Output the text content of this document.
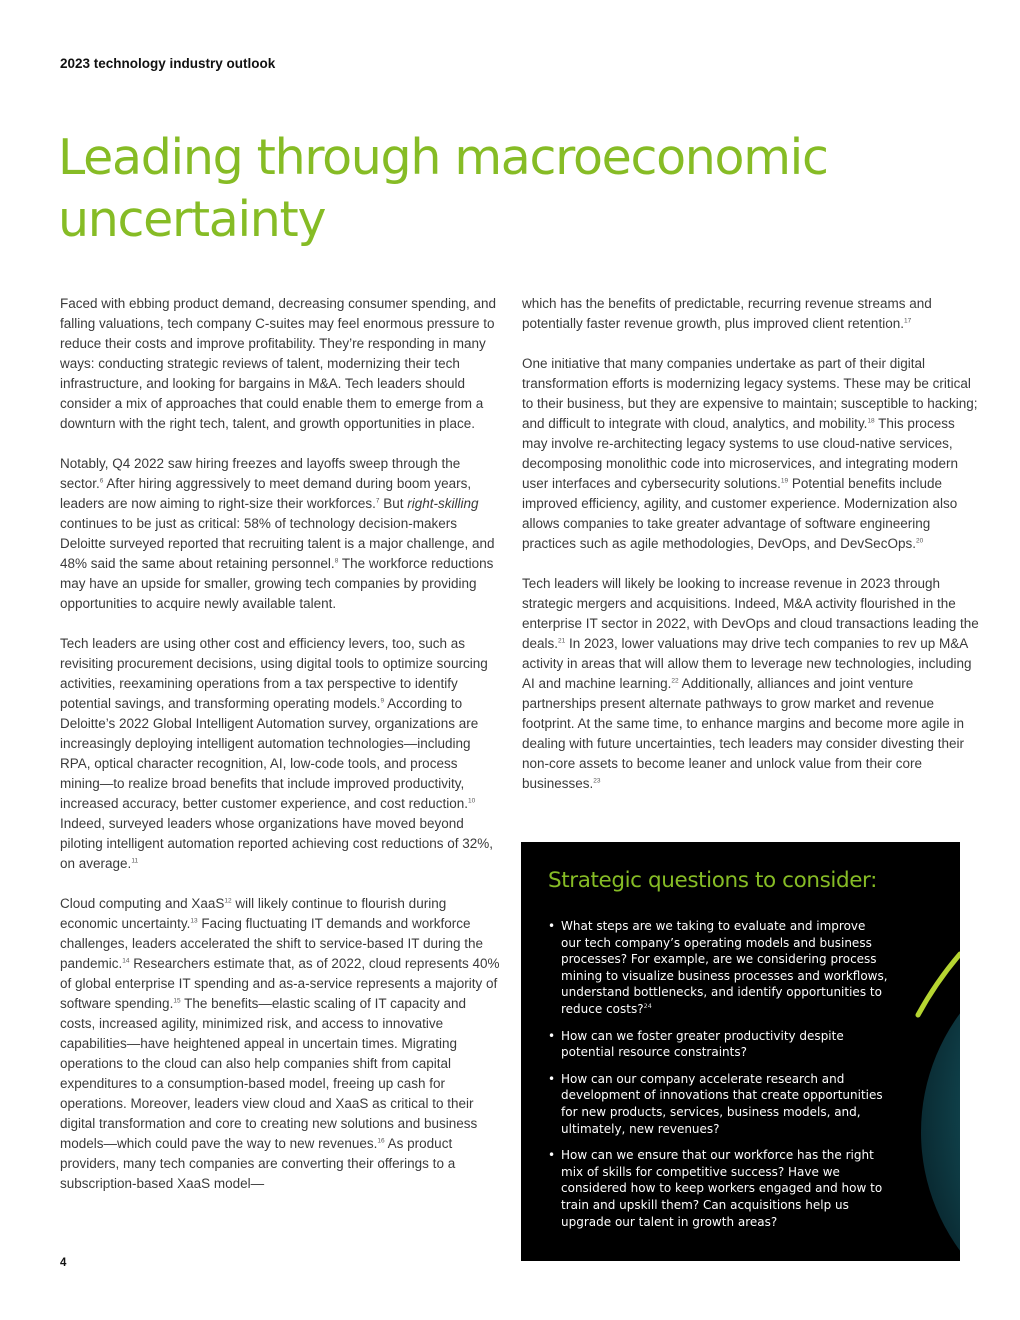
2023 technology industry outlook

Leading through macroeconomic uncertainty

Faced with ebbing product demand, decreasing consumer spending, and falling valuations, tech company C-suites may feel enormous pressure to reduce their costs and improve profitability. They’re responding in many ways: conducting strategic reviews of talent, modernizing their tech infrastructure, and looking for bargains in M&A. Tech leaders should consider a mix of approaches that could enable them to emerge from a downturn with the right tech, talent, and growth opportunities in place.

Notably, Q4 2022 saw hiring freezes and layoffs sweep through the sector.$^6$ After hiring aggressively to meet demand during boom years, leaders are now aiming to right-size their workforces.$^7$ But right-skilling continues to be just as critical: 58% of technology decision-makers Deloitte surveyed reported that recruiting talent is a major challenge, and 48% said the same about retaining personnel.$^8$ The workforce reductions may have an upside for smaller, growing tech companies by providing opportunities to acquire newly available talent.

Tech leaders are using other cost and efficiency levers, too, such as revisiting procurement decisions, using digital tools to optimize sourcing activities, reexamining operations from a tax perspective to identify potential savings, and transforming operating models.$^9$ According to Deloitte’s 2022 Global Intelligent Automation survey, organizations are increasingly deploying intelligent automation technologies—including RPA, optical character recognition, AI, low-code tools, and process mining—to realize broad benefits that include improved productivity, increased accuracy, better customer experience, and cost reduction.$^{10}$ Indeed, surveyed leaders whose organizations have moved beyond piloting intelligent automation reported achieving cost reductions of 32%, on average.$^{11}$

Cloud computing and XaaS$^{12}$ will likely continue to flourish during economic uncertainty.$^{13}$ Facing fluctuating IT demands and workforce challenges, leaders accelerated the shift to service-based IT during the pandemic.$^{14}$ Researchers estimate that, as of 2022, cloud represents 40% of global enterprise IT spending and as-a-service represents a majority of software spending.$^{15}$ The benefits—elastic scaling of IT capacity and costs, increased agility, minimized risk, and access to innovative capabilities—have heightened appeal in uncertain times. Migrating operations to the cloud can also help companies shift from capital expenditures to a consumption-based model, freeing up cash for operations. Moreover, leaders view cloud and XaaS as critical to their digital transformation and core to creating new solutions and business models—which could pave the way to new revenues.$^{16}$ As product providers, many tech companies are converting their offerings to a subscription-based XaaS model—

which has the benefits of predictable, recurring revenue streams and potentially faster revenue growth, plus improved client retention.$^{17}$

One initiative that many companies undertake as part of their digital transformation efforts is modernizing legacy systems. These may be critical to their business, but they are expensive to maintain; susceptible to hacking; and difficult to integrate with cloud, analytics, and mobility.$^{18}$ This process may involve re-architecting legacy systems to use cloud-native services, decomposing monolithic code into microservices, and integrating modern user interfaces and cybersecurity solutions.$^{19}$ Potential benefits include improved efficiency, agility, and customer experience. Modernization also allows companies to take greater advantage of software engineering practices such as agile methodologies, DevOps, and DevSecOps.$^{20}$

Tech leaders will likely be looking to increase revenue in 2023 through strategic mergers and acquisitions. Indeed, M&A activity flourished in the enterprise IT sector in 2022, with DevOps and cloud transactions leading the deals.$^{21}$ In 2023, lower valuations may drive tech companies to rev up M&A activity in areas that will allow them to leverage new technologies, including AI and machine learning.$^{22}$ Additionally, alliances and joint venture partnerships present alternate pathways to grow market and revenue footprint. At the same time, to enhance margins and become more agile in dealing with future uncertainties, tech leaders may consider divesting their non-core assets to become leaner and unlock value from their core businesses.$^{23}$

Strategic questions to consider:
• What steps are we taking to evaluate and improve our tech company’s operating models and business processes? For example, are we considering process mining to visualize business processes and workflows, understand bottlenecks, and identify opportunities to reduce costs?$^{24}$
• How can we foster greater productivity despite potential resource constraints?
• How can our company accelerate research and development of innovations that create opportunities for new products, services, business models, and, ultimately, new revenues?
• How can we ensure that our workforce has the right mix of skills for competitive success? Have we considered how to keep workers engaged and how to train and upskill them? Can acquisitions help us upgrade our talent in growth areas?
4
